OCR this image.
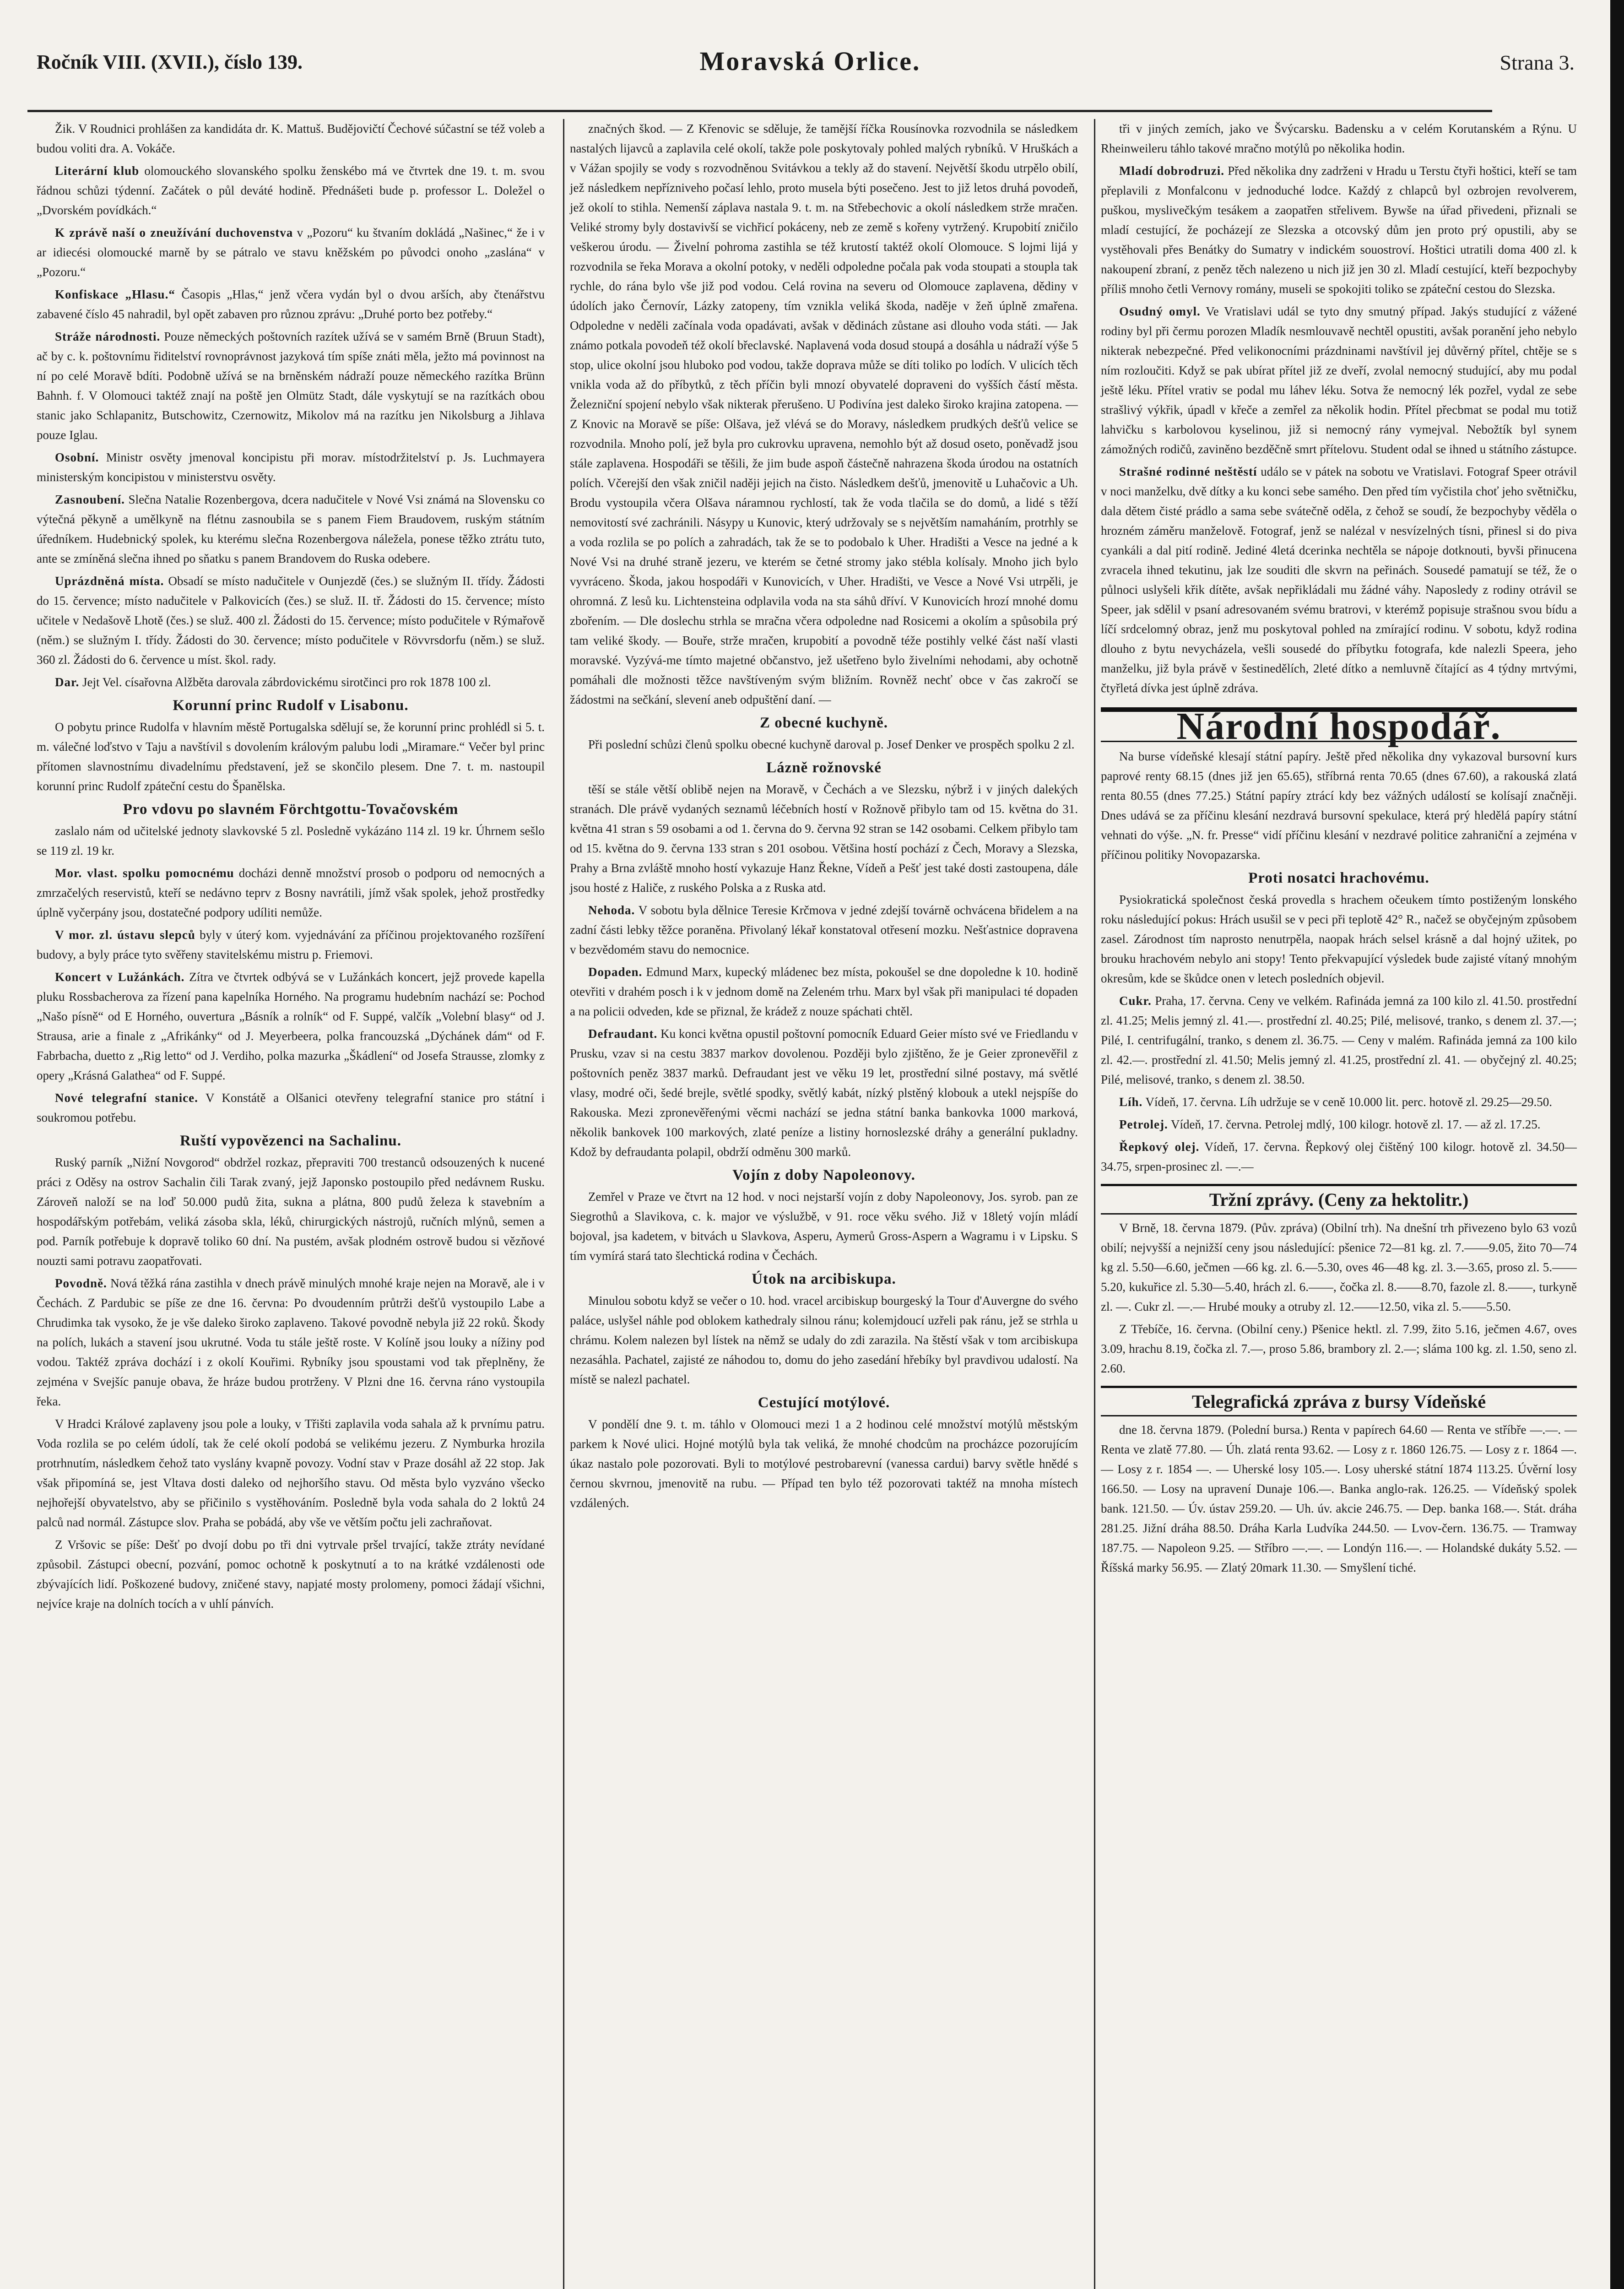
Ročník VIII. (XVII.), číslo 139.	Moravská Orlice.	Strana 3.

Žik. V Roudnici prohlášen za kandidáta dr. K. Mattuš. Budějovičtí Čechové súčastní se též voleb a budou voliti dra. A. Vokáče.

Literární klub olomouckého slovanského spolku ženskébo má ve čtvrtek dne 19. t. m. svou řádnou schůzi týdenní. Začátek o půl deváté hodině. Přednášeti bude p. professor L. Doležel o „Dvorském povídkách.“

K zprávě naší o zneužívání duchovenstva v „Pozoru“ ku štvaním dokládá „Našinec,“ že i v ar idiecési olomoucké marně by se pátralo ve stavu kněžském po původci onoho „zaslána“ v „Pozoru.“

Konfiskace „Hlasu.“ Časopis „Hlas,“ jenž včera vydán byl o dvou arších, aby čtenářstvu zabavené číslo 45 nahradil, byl opět zabaven pro různou zprávu: „Druhé porto bez potřeby.“

Stráže národnosti. Pouze německých poštovních razítek užívá se v samém Brně (Bruun Stadt), ač by c. k. poštovnímu řiditelství rovnoprávnost jazyková tím spíše znáti měla, ježto má povinnost na ní po celé Moravě bdíti. Podobně užívá se na brněnském nádraží pouze německého razítka Brünn Bahnh. f. V Olomouci taktéž znají na poště jen Olmütz Stadt, dále vyskytují se na razítkách obou stanic jako Schlapanitz, Butschowitz, Czernowitz, Mikolov má na razítku jen Nikolsburg a Jihlava pouze Iglau.

Osobní. Ministr osvěty jmenoval koncipistu při morav. místodržitelství p. Js. Luchmayera ministerským koncipistou v ministerstvu osvěty.

Zasnoubení. Slečna Natalie Rozenbergova, dcera nadučitele v Nové Vsi známá na Slovensku co výtečná pěkyně a umělkyně na flétnu zasnoubila se s panem Fiem Braudovem, ruským státním úředníkem. Hudebnický spolek, ku kterému slečna Rozenbergova náležela, ponese těžko ztrátu tuto, ante se zmíněná slečna ihned po sňatku s panem Brandovem do Ruska odebere.

Uprázdněná místa. Obsadí se místo nadučitele v Ounjezdě (čes.) se služným II. třídy. Žádosti do 15. července; místo nadučitele v Palkovicích (čes.) se služ. II. tř. Žádosti do 15. července; místo učitele v Nedašově Lhotě (čes.) se služ. 400 zl. Žádosti do 15. července; místo podučitele v Rýmařově (něm.) se služným I. třídy. Žádosti do 30. července; místo podučitele v Rövvrsdorfu (něm.) se služ. 360 zl. Žádosti do 6. července u míst. škol. rady.

Dar. Jejt Vel. císařovna Alžběta darovala zábrdovickému sirotčinci pro rok 1878 100 zl.

Korunní princ Rudolf v Lisabonu.

O pobytu prince Rudolfa v hlavním městě Portugalska sdělují se, že korunní princ prohlédl si 5. t. m. válečné loďstvo v Taju a navštívil s dovolením královým palubu lodi „Miramare.“ Večer byl princ přítomen slavnostnímu divadelnímu představení, jež se skončilo plesem. Dne 7. t. m. nastoupil korunní princ Rudolf zpáteční cestu do Španělska.

Pro vdovu po slavném Förchtgottu-Tovačovském

zaslalo nám od učitelské jednoty slavkovské 5 zl. Posledně vykázáno 114 zl. 19 kr. Úhrnem sešlo se 119 zl. 19 kr.

Mor. vlast. spolku pomocnému docházi denně množství prosob o podporu od nemocných a zmrzačelých reservistů, kteří se nedávno teprv z Bosny navrátili, jímž však spolek, jehož prostředky úplně vyčerpány jsou, dostatečné podpory udíliti nemůže.

V mor. zl. ústavu slepců byly v úterý kom. vyjednávání za příčinou projektovaného rozšíření budovy, a byly práce tyto svěřeny stavitelskému mistru p. Friemovi.

Koncert v Lužánkách. Zítra ve čtvrtek odbývá se v Lužánkách koncert, jejž provede kapella pluku Rossbacherova za řízení pana kapelníka Horného. Na programu hudebním nachází se: Pochod „Našo písně“ od E Horného, ouvertura „Básník a rolník“ od F. Suppé, valčík „Volební blasy“ od J. Strausa, arie a finale z „Afrikánky“ od J. Meyerbeera, polka francouzská „Dýchánek dám“ od F. Fabrbacha, duetto z „Rig letto“ od J. Verdiho, polka mazurka „Škádlení“ od Josefa Strausse, zlomky z opery „Krásná Galathea“ od F. Suppé.

Nové telegrafní stanice. V Konstátě a Olšanici otevřeny telegrafní stanice pro státní i soukromou potřebu.

Ruští vypovězenci na Sachalinu.

Ruský parník „Nižní Novgorod“ obdržel rozkaz, přepraviti 700 trestanců odsouzených k nucené práci z Oděsy na ostrov Sachalin čili Tarak zvaný, jejž Japonsko postoupilo před nedávnem Rusku. Zároveň naloží se na loď 50.000 pudů žita, sukna a plátna, 800 pudů železa k stavebním a hospodářským potřebám, veliká zásoba skla, léků, chirurgických nástrojů, ručních mlýnů, semen a pod. Parník potřebuje k dopravě toliko 60 dní. Na pustém, avšak plodném ostrově budou si vězňové nouzti sami potravu zaopatřovati.

Povodně. Nová těžká rána zastihla v dnech právě minulých mnohé kraje nejen na Moravě, ale i v Čechách. Z Pardubic se píše ze dne 16. června: Po dvoudenním průtrži dešťů vystoupilo Labe a Chrudimka tak vysoko, že je vše daleko široko zaplaveno. Takové povodně nebyla již 22 roků. Škody na polích, lukách a stavení jsou ukrutné. Voda tu stále ještě roste. V Kolíně jsou louky a nížiny pod vodou. Taktéž zpráva dochází i z okolí Kouřimi. Rybníky jsou spoustami vod tak přeplněny, že zejména v Svejšíc panuje obava, že hráze budou protrženy. V Plzni dne 16. června ráno vystoupila řeka.

V Hradci Králové zaplaveny jsou pole a louky, v Třišti zaplavila voda sahala až k prvnímu patru. Voda rozlila se po celém údolí, tak že celé okolí podobá se velikému jezeru. Z Nymburka hrozila protrhnutím, následkem čehož tato vyslány kvapně povozy. Vodní stav v Praze dosáhl až 22 stop. Jak však připomíná se, jest Vltava dosti daleko od nejhoršího stavu. Od města bylo vyzváno všecko nejhořejší obyvatelstvo, aby se přičinilo s vystěhováním. Posledně byla voda sahala do 2 loktů 24 palců nad normál. Zástupce slov. Praha se pobádá, aby vše ve větším počtu jeli zachraňovat.

Z Vršovic se píše: Dešť po dvojí dobu po tři dni vytrvale pršel trvající, takže ztráty nevídané způsobil. Zástupci obecní, pozvání, pomoc ochotně k poskytnutí a to na krátké vzdálenosti ode zbývajících lidí. Poškozené budovy, zničené stavy, napjaté mosty prolomeny, pomoci žádají všichni, nejvíce kraje na dolních tocích a v uhlí pánvích.

značných škod. — Z Křenovic se sděluje, že tamější říčka Rousínovka rozvodnila se následkem nastalých lijavců a zaplavila celé okolí, takže pole poskytovaly pohled malých rybníků. V Hruškách a v Vážan spojily se vody s rozvodněnou Svitávkou a tekly až do stavení. Největší škodu utrpělo obilí, jež následkem nepřízniveho počasí lehlo, proto musela býti posečeno. Jest to již letos druhá povodeň, jež okolí to stihla. Nemenší záplava nastala 9. t. m. na Střebechovic a okolí následkem strže mračen. Veliké stromy byly dostavivší se vichřicí pokáceny, neb ze země s kořeny vytržený. Krupobití zničilo veškerou úrodu. — Živelní pohroma zastihla se též krutostí taktéž okolí Olomouce. S lojmi lijá y rozvodnila se řeka Morava a okolní potoky, v neděli odpoledne počala pak voda stoupati a stoupla tak rychle, do rána bylo vše již pod vodou. Celá rovina na severu od Olomouce zaplavena, dědiny v údolích jako Černovír, Lázky zatopeny, tím vznikla veliká škoda, naděje v žeň úplně zmařena. Odpoledne v neděli začínala voda opadávati, avšak v dědinách zůstane asi dlouho voda státi. — Jak známo potkala povodeň též okolí břeclavské. Naplavená voda dosud stoupá a dosáhla u nádraží výše 5 stop, ulice okolní jsou hluboko pod vodou, takže doprava může se díti toliko po lodích. V ulicích těch vnikla voda až do příbytků, z těch příčin byli mnozí obyvatelé dopraveni do vyšších částí města. Železniční spojení nebylo však nikterak přerušeno. U Podivína jest daleko široko krajina zatopena. — Z Knovic na Moravě se píše: Olšava, jež vlévá se do Moravy, následkem prudkých dešťů velice se rozvodnila. Mnoho polí, jež byla pro cukrovku upravena, nemohlo být až dosud oseto, poněvadž jsou stále zaplavena. Hospodáři se těšili, že jim bude aspoň částečně nahrazena škoda úrodou na ostatních polích. Včerejší den však zničil naději jejich na čisto. Následkem dešťů, jmenovitě u Luhačovic a Uh. Brodu vystoupila včera Olšava náramnou rychlostí, tak že voda tlačila se do domů, a lidé s těží nemovitostí své zachránili. Násypy u Kunovic, který udržovaly se s největším namaháním, protrhly se a voda rozlila se po polích a zahradách, tak že se to podobalo k Uher. Hradišti a Vesce na jedné a k Nové Vsi na druhé straně jezeru, ve kterém se četné stromy jako stébla kolísaly. Mnoho jich bylo vyvráceno. Škoda, jakou hospodáři v Kunovicích, v Uher. Hradišti, ve Vesce a Nové Vsi utrpěli, je ohromná. Z lesů ku. Lichtensteina odplavila voda na sta sáhů dříví. V Kunovicích hrozí mnohé domu zbořením. — Dle doslechu strhla se mračna včera odpoledne nad Rosicemi a okolím a spůsobila prý tam veliké škody. — Bouře, strže mračen, krupobití a povodně téže postihly velké část naší vlasti moravské. Vyzývá-me tímto majetné občanstvo, jež ušetřeno bylo živelními nehodami, aby ochotně pomáhali dle možnosti těžce navštíveným svým bližním. Rovněž nechť obce v čas zakročí se žádostmi na sečkání, slevení aneb odpuštění daní. —

Z obecné kuchyně.

Při poslední schůzi členů spolku obecné kuchyně daroval p. Josef Denker ve prospěch spolku 2 zl.

Lázně rožnovské

těší se stále větší oblibě nejen na Moravě, v Čechách a ve Slezsku, nýbrž i v jiných dalekých stranách. Dle právě vydaných seznamů léčebních hostí v Rožnově přibylo tam od 15. května do 31. května 41 stran s 59 osobami a od 1. června do 9. června 92 stran se 142 osobami. Celkem přibylo tam od 15. května do 9. června 133 stran s 201 osobou. Většina hostí pochází z Čech, Moravy a Slezska, Prahy a Brna zvláště mnoho hostí vykazuje Hanz Řekne, Vídeň a Pešť jest také dosti zastoupena, dále jsou hosté z Haliče, z ruského Polska a z Ruska atd.

Nehoda. V sobotu byla dělnice Teresie Krčmova v jedné zdejší továrně ochvácena břidelem a na zadní části lebky těžce poraněna. Přivolaný lékař konstatoval otřesení mozku. Nešťastnice dopravena v bezvědomém stavu do nemocnice.

Dopaden. Edmund Marx, kupecký mládenec bez místa, pokoušel se dne dopoledne k 10. hodině otevřiti v drahém posch i k v jednom domě na Zeleném trhu. Marx byl však při manipulaci té dopaden a na policii odveden, kde se přiznal, že krádež z nouze spáchati chtěl.

Defraudant. Ku konci května opustil poštovní pomocník Eduard Geier místo své ve Friedlandu v Prusku, vzav si na cestu 3837 markov dovolenou. Později bylo zjištěno, že je Geier zpronevěřil z poštovních peněz 3837 marků. Defraudant jest ve věku 19 let, prostřední silné postavy, má světlé vlasy, modré oči, šedé brejle, světlé spodky, světlý kabát, nízký plstěný klobouk a utekl nejspíše do Rakouska. Mezi zpronevěřenými věcmi nachází se jedna státní banka bankovka 1000 marková, několik bankovek 100 markových, zlaté peníze a listiny hornoslezské dráhy a generální pukladny. Kdož by defraudanta polapil, obdrží odměnu 300 marků.

Vojín z doby Napoleonovy.

Zemřel v Praze ve čtvrt na 12 hod. v noci nejstarší vojín z doby Napoleonovy, Jos. syrob. pan ze Siegrothů a Slavikova, c. k. major ve výslužbě, v 91. roce věku svého. Již v 18letý vojín mládí bojoval, jsa kadetem, v bitvách u Slavkova, Asperu, Aymerů Gross-Aspern a Wagramu i v Lipsku. S tím vymírá stará tato šlechtická rodina v Čechách.

Útok na arcibiskupa.

Minulou sobotu když se večer o 10. hod. vracel arcibiskup bourgeský la Tour d'Auvergne do svého paláce, uslyšel náhle pod oblokem kathedraly silnou ránu; kolemjdoucí uzřeli pak ránu, jež se strhla u chrámu. Kolem nalezen byl lístek na němž se udaly do zdi zarazila. Na štěstí však v tom arcibiskupa nezasáhla. Pachatel, zajisté ze náhodou to, domu do jeho zasedání hřebíky byl pravdivou udalostí. Na místě se nalezl pachatel.

Cestující motýlové.

V pondělí dne 9. t. m. táhlo v Olomouci mezi 1 a 2 hodinou celé množství motýlů městským parkem k Nové ulici. Hojné motýlů byla tak veliká, že mnohé chodcům na procházce pozorujícím úkaz nastalo pole pozorovati. Byli to motýlové pestrobarevní (vanessa cardui) barvy světle hnědé s černou skvrnou, jmenovitě na rubu. — Případ ten bylo též pozorovati taktéž na mnoha místech vzdálených.

tři v jiných zemích, jako ve Švýcarsku. Badensku a v celém Korutanském a Rýnu. U Rheinweileru táhlo takové mračno motýlů po několika hodin.

Mladí dobrodruzi. Před několika dny zadrženi v Hradu u Terstu čtyři hoštici, kteří se tam přeplavili z Monfalconu v jednoduché lodce. Každý z chlapců byl ozbrojen revolverem, puškou, myslivečkým tesákem a zaopatřen střelivem. Bywše na úřad přivedeni, přiznali se mladí cestující, že pocházejí ze Slezska a otcovský dům jen proto prý opustili, aby se vystěhovali přes Benátky do Sumatry v indickém souostroví. Hoštici utratili doma 400 zl. k nakoupení zbraní, z peněz těch nalezeno u nich již jen 30 zl. Mladí cestující, kteří bezpochyby příliš mnoho četli Vernovy romány, museli se spokojiti toliko se zpáteční cestou do Slezska.

Osudný omyl. Ve Vratislavi udál se tyto dny smutný případ. Jakýs studující z vážené rodiny byl při čermu porozen Mladík nesmlouvavě nechtěl opustiti, avšak poranění jeho nebylo nikterak nebezpečné. Před velikonocními prázdninami navštívil jej důvěrný přítel, chtěje se s ním rozloučiti. Když se pak ubírat přítel již ze dveří, zvolal nemocný studující, aby mu podal ještě léku. Přítel vrativ se podal mu láhev léku. Sotva že nemocný lék pozřel, vydal ze sebe strašlivý výkřik, úpadl v křeče a zemřel za několik hodin. Přítel přecbmat se podal mu totiž lahvičku s karbolovou kyselinou, již si nemocný rány vymejval. Nebožtík byl synem zámožných rodičů, zaviněno bezděčně smrt přítelovu. Student odal se ihned u státního zástupce.

Strašné rodinné neštěstí událo se v pátek na sobotu ve Vratislavi. Fotograf Speer otrávil v noci manželku, dvě dítky a ku konci sebe samého. Den před tím vyčistila choť jeho světničku, dala dětem čisté prádlo a sama sebe svátečně oděla, z čehož se soudí, že bezpochyby věděla o hrozném záměru manželově. Fotograf, jenž se nalézal v nesvízelných tísni, přinesl si do piva cyankáli a dal pití rodině. Jediné 4letá dcerinka nechtěla se nápoje dotknouti, byvši přinucena zvracela ihned tekutinu, jak lze souditi dle skvrn na peřinách. Sousedé pamatují se též, že o půlnoci uslyšeli křik dítěte, avšak nepřikládali mu žádné váhy. Naposledy z rodiny otrávil se Speer, jak sdělil v psaní adresovaném svému bratrovi, v kterémž popisuje strašnou svou bídu a líčí srdcelomný obraz, jenž mu poskytoval pohled na zmírající rodinu. V sobotu, když rodina dlouho z bytu nevycházela, vešli sousedé do příbytku fotografa, kde nalezli Speera, jeho manželku, již byla právě v šestinedělích, 2leté dítko a nemluvně čítající as 4 týdny mrtvými, čtyřletá dívka jest úplně zdráva.

Národní hospodář.

Na burse vídeňské klesají státní papíry. Ještě před několika dny vykazoval bursovní kurs paprové renty 68.15 (dnes již jen 65.65), stříbrná renta 70.65 (dnes 67.60), a rakouská zlatá renta 80.55 (dnes 77.25.) Státní papíry ztrácí kdy bez vážných událostí se kolísají značněji. Dnes udává se za příčinu klesání nezdravá bursovní spekulace, která prý hledělá papíry státní vehnati do výše. „N. fr. Presse“ vidí příčinu klesání v nezdravé politice zahraniční a zejména v příčinou politiky Novopazarska.

Proti nosatci hrachovému.

Pysiokratická společnost česká provedla s hrachem očeukem tímto postiženým lonského roku následující pokus: Hrách usušil se v peci při teplotě 42° R., načež se obyčejným způsobem zasel. Zárodnost tím naprosto nenutrpěla, naopak hrách selsel krásně a dal hojný užitek, po brouku hrachovém nebylo ani stopy! Tento překvapující výsledek bude zajisté vítaný mnohým okresům, kde se škůdce onen v letech posledních objevil.

Cukr. Praha, 17. června. Ceny ve velkém. Rafináda jemná za 100 kilo zl. 41.50. prostřední zl. 41.25; Melis jemný zl. 41.—. prostřední zl. 40.25; Pilé, melisové, tranko, s denem zl. 37.—; Pilé, I. centrifugální, tranko, s denem zl. 36.75. — Ceny v malém. Rafináda jemná za 100 kilo zl. 42.—. prostřední zl. 41.50; Melis jemný zl. 41.25, prostřední zl. 41. — obyčejný zl. 40.25; Pilé, melisové, tranko, s denem zl. 38.50.

Líh. Vídeň, 17. června. Líh udržuje se v ceně 10.000 lit. perc. hotově zl. 29.25—29.50.

Petrolej. Vídeň, 17. června. Petrolej mdlý, 100 kilogr. hotově zl. 17. — až zl. 17.25.

Řepkový olej. Vídeň, 17. června. Řepkový olej čištěný 100 kilogr. hotově zl. 34.50—34.75, srpen-prosinec zl. —.—

Tržní zprávy. (Ceny za hektolitr.)

V Brně, 18. června 1879. (Pův. zpráva) (Obilní trh). Na dnešní trh přivezeno bylo 63 vozů obilí; nejvyšší a nejnižší ceny jsou následující: pšenice 72—81 kg. zl. 7.——9.05, žito 70—74 kg zl. 5.50—6.60, ječmen —66 kg. zl. 6.—5.30, oves 46—48 kg. zl. 3.—3.65, proso zl. 5.——5.20, kukuřice zl. 5.30—5.40, hrách zl. 6.——, čočka zl. 8.——8.70, fazole zl. 8.——, turkyně zl. —. Cukr zl. —.— Hrubé mouky a otruby zl. 12.——12.50, vika zl. 5.——5.50.

Z Třebíče, 16. června. (Obilní ceny.) Pšenice hektl. zl. 7.99, žito 5.16, ječmen 4.67, oves 3.09, hrachu 8.19, čočka zl. 7.—, proso 5.86, brambory zl. 2.—; sláma 100 kg. zl. 1.50, seno zl. 2.60.

Telegrafická zpráva z bursy Vídeňské

dne 18. června 1879. (Polední bursa.) Renta v papírech 64.60 — Renta ve stříbře —.—. — Renta ve zlatě 77.80. — Úh. zlatá renta 93.62. — Losy z r. 1860 126.75. — Losy z r. 1864 —. — Losy z r. 1854 —. — Uherské losy 105.—. Losy uherské státní 1874 113.25. Úvěrní losy 166.50. — Losy na upravení Dunaje 106.—. Banka anglo-rak. 126.25. — Vídeňský spolek bank. 121.50. — Úv. ústav 259.20. — Uh. úv. akcie 246.75. — Dep. banka 168.—. Stát. dráha 281.25. Jižní dráha 88.50. Dráha Karla Ludvíka 244.50. — Lvov-čern. 136.75. — Tramway 187.75. — Napoleon 9.25. — Stříbro —.—. — Londýn 116.—. — Holandské dukáty 5.52. — Říšská marky 56.95. — Zlatý 20mark 11.30. — Smyšlení tiché.
